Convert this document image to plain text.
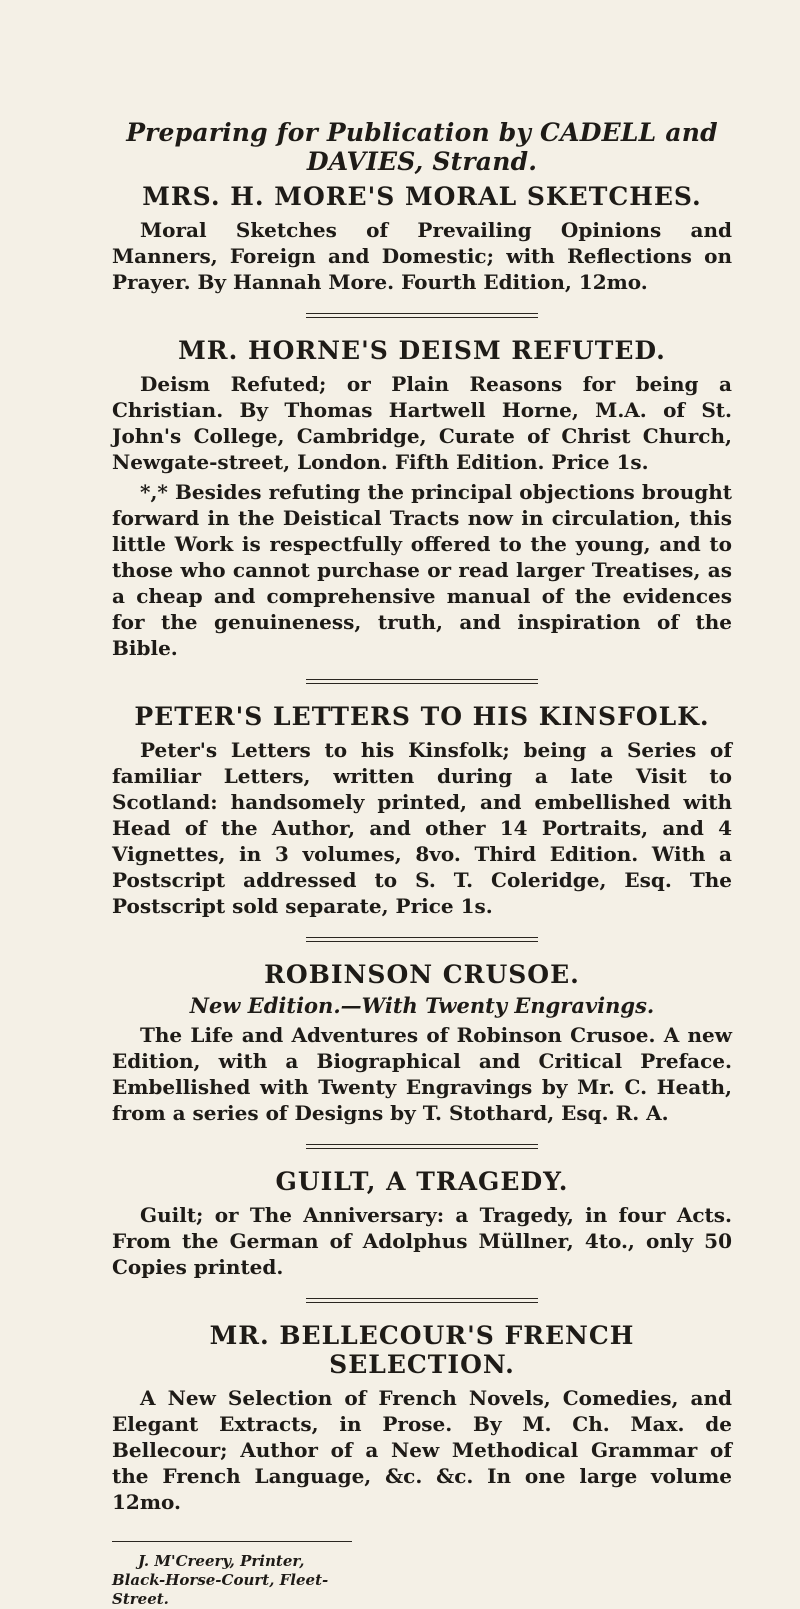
Preparing for Publication by CADELL and DAVIES, Strand.
MRS. H. MORE'S MORAL SKETCHES.

Moral Sketches of Prevailing Opinions and Manners, Foreign and Domestic; with Reflections on Prayer. By Hannah More. Fourth Edition, 12mo.

MR. HORNE'S DEISM REFUTED.

Deism Refuted; or Plain Reasons for being a Christian. By Thomas Hartwell Horne, M.A. of St. John's College, Cambridge, Curate of Christ Church, Newgate-street, London. Fifth Edition. Price 1s.

*,* Besides refuting the principal objections brought forward in the Deistical Tracts now in circulation, this little Work is respectfully offered to the young, and to those who cannot purchase or read larger Treatises, as a cheap and comprehensive manual of the evidences for the genuineness, truth, and inspiration of the Bible.

PETER'S LETTERS TO HIS KINSFOLK.

Peter's Letters to his Kinsfolk; being a Series of familiar Letters, written during a late Visit to Scotland: handsomely printed, and embellished with Head of the Author, and other 14 Portraits, and 4 Vignettes, in 3 volumes, 8vo. Third Edition. With a Postscript addressed to S. T. Coleridge, Esq. The Postscript sold separate, Price 1s.

ROBINSON CRUSOE.
New Edition.—With Twenty Engravings.

The Life and Adventures of Robinson Crusoe. A new Edition, with a Biographical and Critical Preface. Embellished with Twenty Engravings by Mr. C. Heath, from a series of Designs by T. Stothard, Esq. R. A.

GUILT, A TRAGEDY.

Guilt; or The Anniversary: a Tragedy, in four Acts. From the German of Adolphus Müllner, 4to., only 50 Copies printed.

MR. BELLECOUR'S FRENCH SELECTION.

A New Selection of French Novels, Comedies, and Elegant Extracts, in Prose. By M. Ch. Max. de Bellecour; Author of a New Methodical Grammar of the French Language, &c. &c. In one large volume 12mo.

J. M'Creery, Printer,
Black-Horse-Court, Fleet-Street.
